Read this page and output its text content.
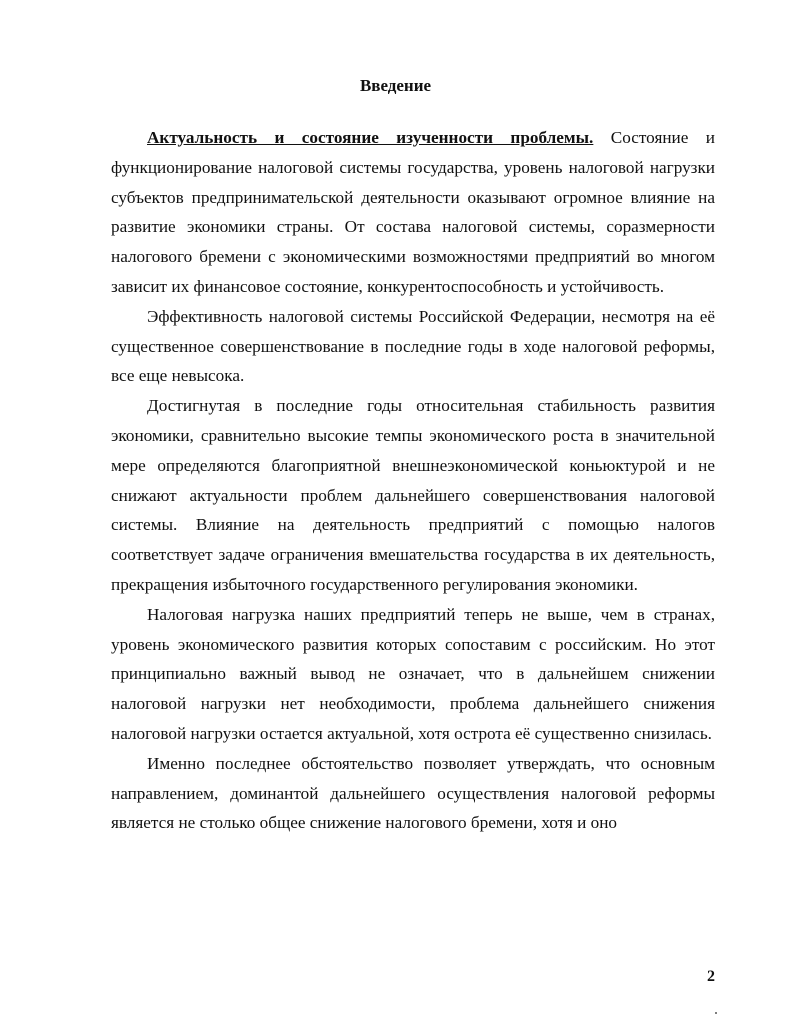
Введение

Актуальность и состояние изученности проблемы. Состояние и функционирование налоговой системы государства, уровень налоговой нагрузки субъектов предпринимательской деятельности оказывают огромное влияние на развитие экономики страны. От состава налоговой системы, соразмерности налогового бремени с экономическими возможностями предприятий во многом зависит их финансовое состояние, конкурентоспособность и устойчивость.

Эффективность налоговой системы Российской Федерации, несмотря на её существенное совершенствование в последние годы в ходе налоговой реформы, все еще невысока.

Достигнутая в последние годы относительная стабильность развития экономики, сравнительно высокие темпы экономического роста в значительной мере определяются благоприятной внешнеэкономической коньюктурой и не снижают актуальности проблем дальнейшего совершенствования налоговой системы. Влияние на деятельность предприятий с помощью налогов соответствует задаче ограничения вмешательства государства в их деятельность, прекращения избыточного государственного регулирования экономики.

Налоговая нагрузка наших предприятий теперь не выше, чем в странах, уровень экономического развития которых сопоставим с российским. Но этот принципиально важный вывод не означает, что в дальнейшем снижении налоговой нагрузки нет необходимости, проблема дальнейшего снижения налоговой нагрузки остается актуальной, хотя острота её существенно снизилась.

Именно последнее обстоятельство позволяет утверждать, что основным направлением, доминантой дальнейшего осуществления налоговой реформы является не столько общее снижение налогового бремени, хотя и оно

2
